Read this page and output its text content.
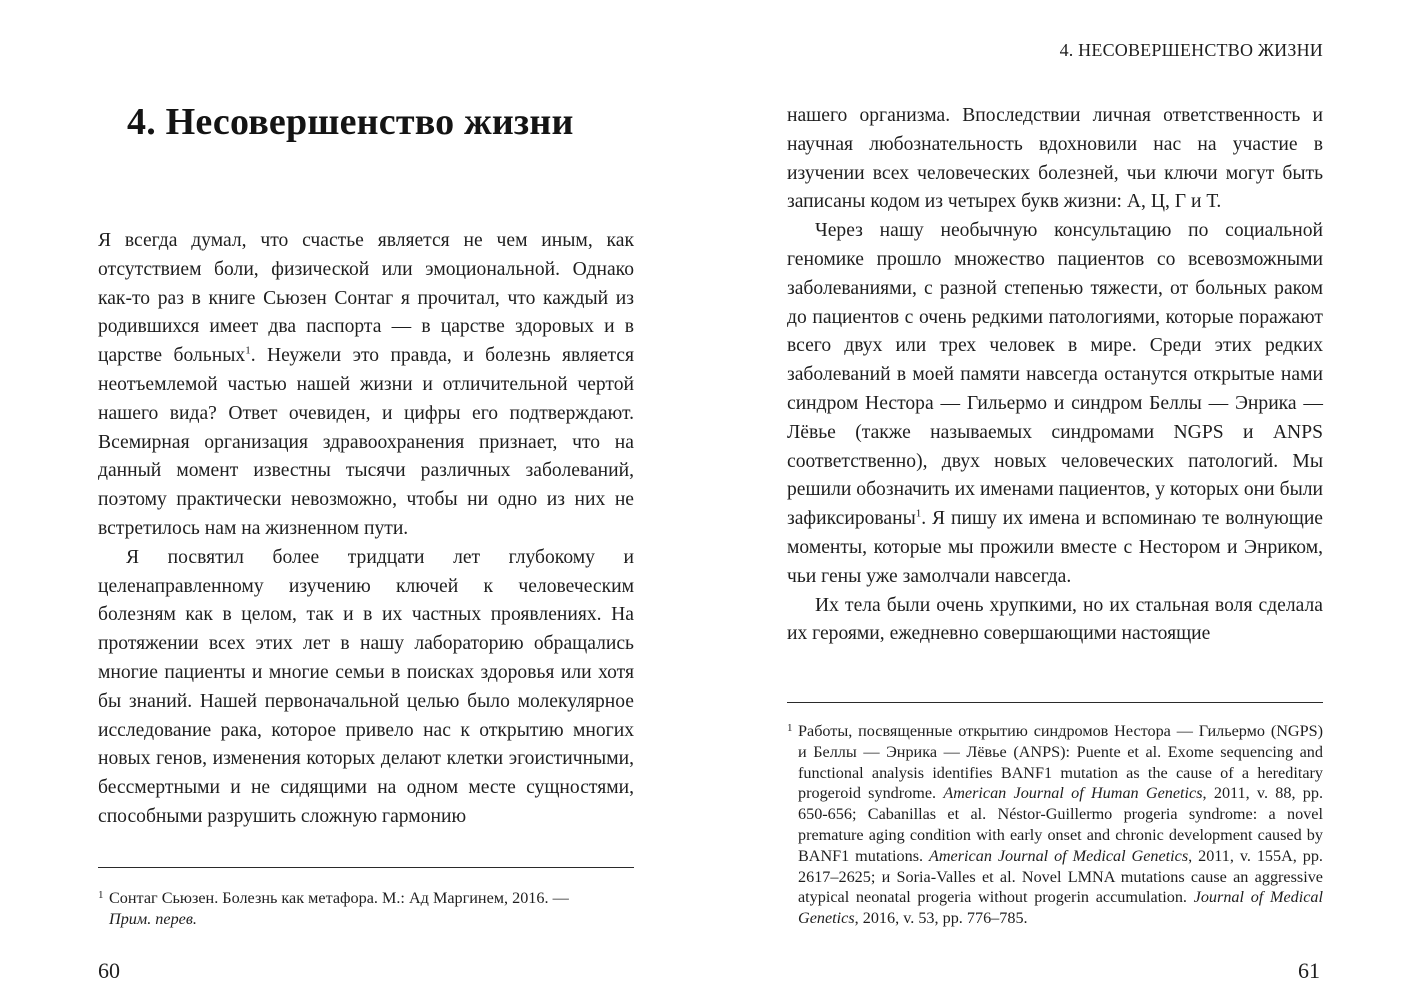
4. Несовершенство жизни

Я всегда думал, что счастье является не чем иным, как отсутствием боли, физической или эмоциональной. Однако как-то раз в книге Сьюзен Сонтаг я прочитал, что каждый из родившихся имеет два паспорта — в царстве здоровых и в царстве больных$^1$. Неужели это правда, и болезнь является неотъемлемой частью нашей жизни и отличительной чертой нашего вида? Ответ очевиден, и цифры его подтверждают. Всемирная организация здравоохранения признает, что на данный момент известны тысячи различных заболеваний, поэтому практически невозможно, чтобы ни одно из них не встретилось нам на жизненном пути.

Я посвятил более тридцати лет глубокому и целенаправленному изучению ключей к человеческим болезням как в целом, так и в их частных проявлениях. На протяжении всех этих лет в нашу лабораторию обращались многие пациенты и многие семьи в поисках здоровья или хотя бы знаний. Нашей первоначальной целью было молекулярное исследование рака, которое привело нас к открытию многих новых генов, изменения которых делают клетки эгоистичными, бессмертными и не сидящими на одном месте сущностями, способными разрушить сложную гармонию

1 Сонтаг Сьюзен. Болезнь как метафора. М.: Ад Маргинем, 2016. —
Прим. перев.
60
4. НЕСОВЕРШЕНСТВО ЖИЗНИ

нашего организма. Впоследствии личная ответственность и научная любознательность вдохновили нас на участие в изучении всех человеческих болезней, чьи ключи могут быть записаны кодом из четырех букв жизни: А, Ц, Г и Т.

Через нашу необычную консультацию по социальной геномике прошло множество пациентов со всевозможными заболеваниями, с разной степенью тяжести, от больных раком до пациентов с очень редкими патологиями, которые поражают всего двух или трех человек в мире. Среди этих редких заболеваний в моей памяти навсегда останутся открытые нами синдром Нестора — Гильермо и синдром Беллы — Энрика — Лёвье (также называемых синдромами NGPS и ANPS соответственно), двух новых человеческих патологий. Мы решили обозначить их именами пациентов, у которых они были зафиксированы$^1$. Я пишу их имена и вспоминаю те волнующие моменты, которые мы прожили вместе с Нестором и Энриком, чьи гены уже замолчали навсегда.

Их тела были очень хрупкими, но их стальная воля сделала их героями, ежедневно совершающими настоящие

1 Работы, посвященные открытию синдромов Нестора — Гильермо (NGPS) и Беллы — Энрика — Лёвье (ANPS): Puente et al. Exome sequencing and functional analysis identifies BANF1 mutation as the cause of a hereditary progeroid syndrome. American Journal of Human Genetics, 2011, v. 88, pp. 650-656; Cabanillas et al. Néstor-Guillermo progeria syndrome: a novel premature aging condition with early onset and chronic development caused by BANF1 mutations. American Journal of Medical Genetics, 2011, v. 155A, pp. 2617–2625; и Soria-Valles et al. Novel LMNA mutations cause an aggressive atypical neonatal progeria without progerin accumulation. Journal of Medical Genetics, 2016, v. 53, pp. 776–785.
61
